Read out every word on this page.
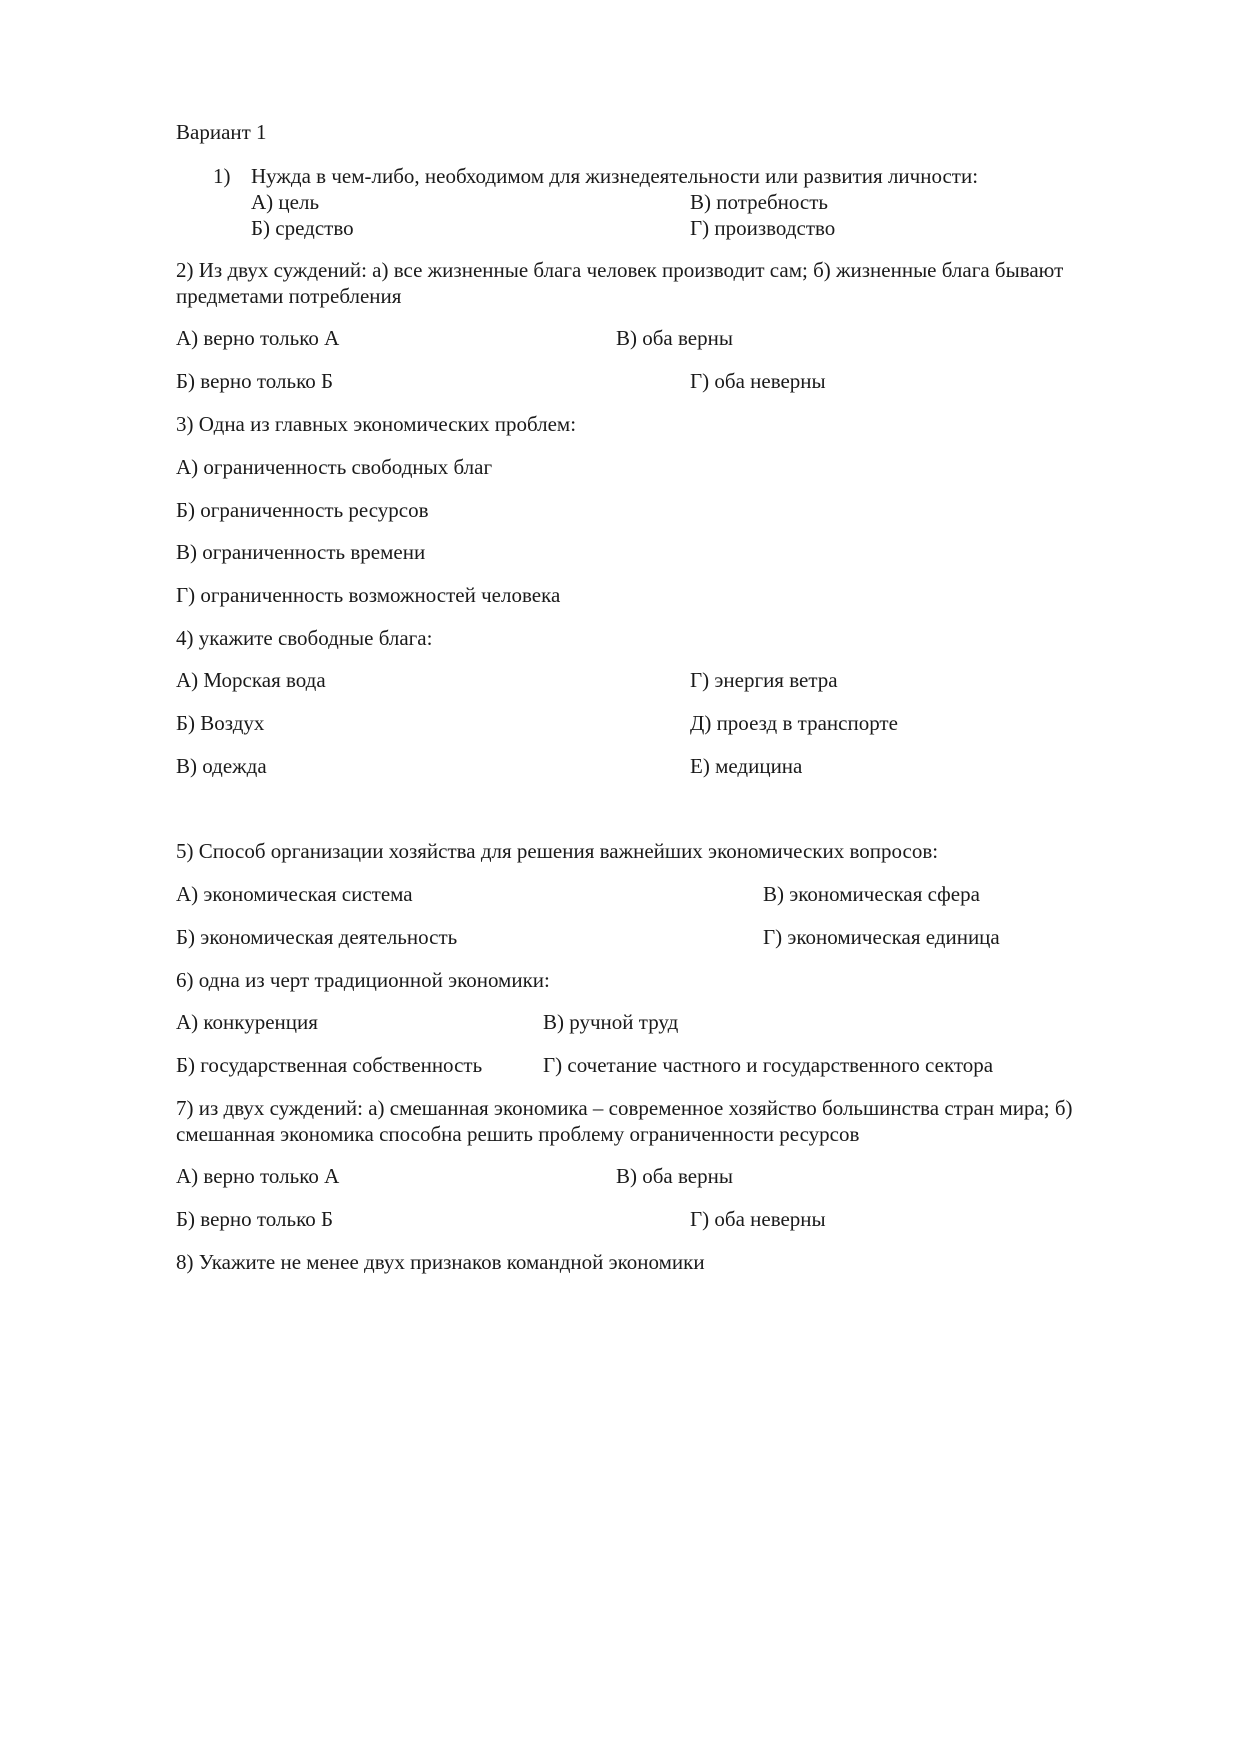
Вариант 1
1) Нужда в чем-либо, необходимом для жизнедеятельности или развития личности:
А) цель	В) потребность
Б) средство	Г) производство
2) Из двух суждений: а) все жизненные блага человек производит сам; б) жизненные блага бывают
предметами потребления
А) верно только А	В) оба верны
Б) верно только Б	Г) оба неверны
3) Одна из главных экономических проблем:
А) ограниченность свободных благ
Б) ограниченность ресурсов
В) ограниченность времени
Г) ограниченность возможностей человека
4) укажите свободные блага:
А) Морская вода	Г) энергия ветра
Б) Воздух	Д) проезд в транспорте
В) одежда	Е) медицина
5) Способ организации хозяйства для решения важнейших экономических вопросов:
А) экономическая система	В) экономическая сфера
Б) экономическая деятельность	Г) экономическая единица
6) одна из черт традиционной экономики:
А) конкуренция	В) ручной труд
Б) государственная собственность	Г) сочетание частного и государственного сектора
7) из двух суждений: а) смешанная экономика – современное хозяйство большинства стран мира; б)
смешанная экономика способна решить проблему ограниченности ресурсов
А) верно только А	В) оба верны
Б) верно только Б	Г) оба неверны
8) Укажите не менее двух признаков командной экономики
